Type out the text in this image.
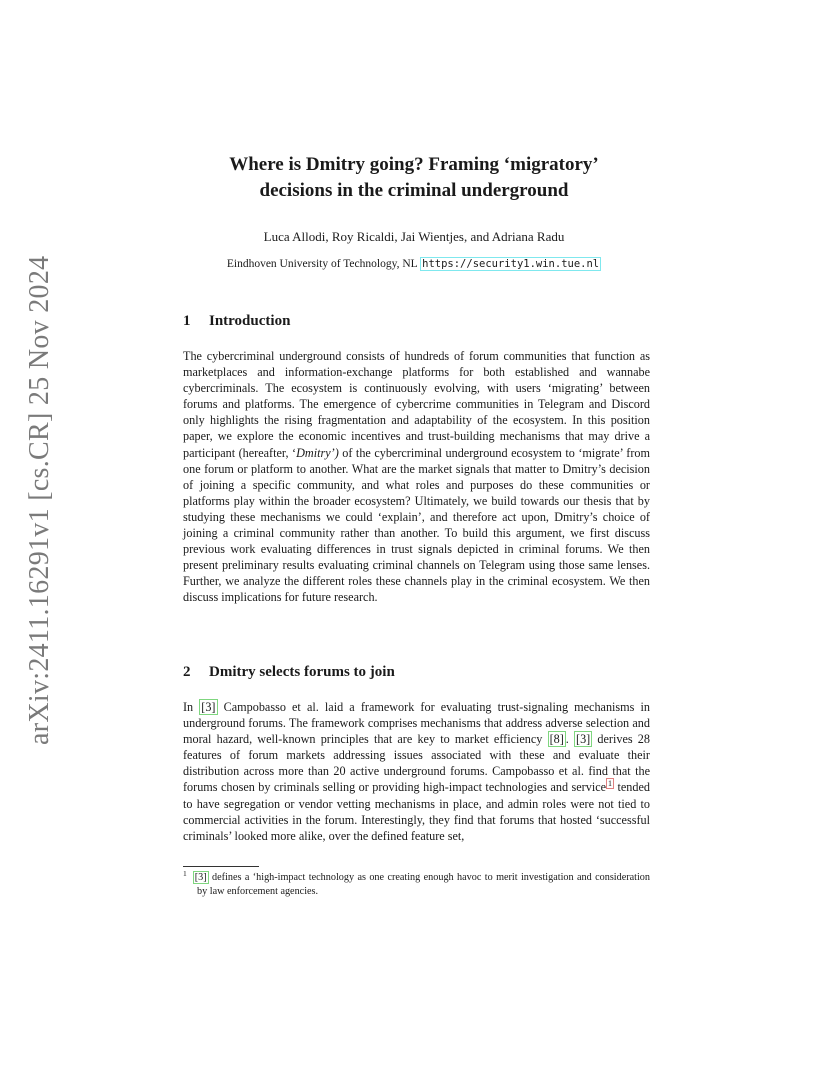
arXiv:2411.16291v1 [cs.CR] 25 Nov 2024
Where is Dmitry going? Framing ‘migratory’
decisions in the criminal underground
Luca Allodi, Roy Ricaldi, Jai Wientjes, and Adriana Radu
Eindhoven University of Technology, NL https://security1.win.tue.nl
1 Introduction

The cybercriminal underground consists of hundreds of forum communities that function as marketplaces and information-exchange platforms for both established and wannabe cybercriminals. The ecosystem is continuously evolving, with users ‘migrating’ between forums and platforms. The emergence of cybercrime communities in Telegram and Discord only highlights the rising fragmentation and adaptability of the ecosystem. In this position paper, we explore the economic incentives and trust-building mechanisms that may drive a participant (hereafter, ‘Dmitry’) of the cybercriminal underground ecosystem to ‘migrate’ from one forum or platform to another. What are the market signals that matter to Dmitry’s decision of joining a specific community, and what roles and purposes do these communities or platforms play within the broader ecosystem? Ultimately, we build towards our thesis that by studying these mechanisms we could ‘explain’, and therefore act upon, Dmitry’s choice of joining a criminal community rather than another. To build this argument, we first discuss previous work evaluating differences in trust signals depicted in criminal forums. We then present preliminary results evaluating criminal channels on Telegram using those same lenses. Further, we analyze the different roles these channels play in the criminal ecosystem. We then discuss implications for future research.

2 Dmitry selects forums to join

In [3] Campobasso et al. laid a framework for evaluating trust-signaling mechanisms in underground forums. The framework comprises mechanisms that address adverse selection and moral hazard, well-known principles that are key to market efficiency [8] . [3] derives 28 features of forum markets addressing issues associated with these and evaluate their distribution across more than 20 active underground forums. Campobasso et al. find that the forums chosen by criminals selling or providing high-impact technologies and service $^1$ tended to have segregation or vendor vetting mechanisms in place, and admin roles were not tied to commercial activities in the forum. Interestingly, they find that forums that hosted ‘successful criminals’ looked more alike, over the defined feature set,

$^1$ [3] defines a ‘high-impact technology as one creating enough havoc to merit investigation and consideration by law enforcement agencies.
